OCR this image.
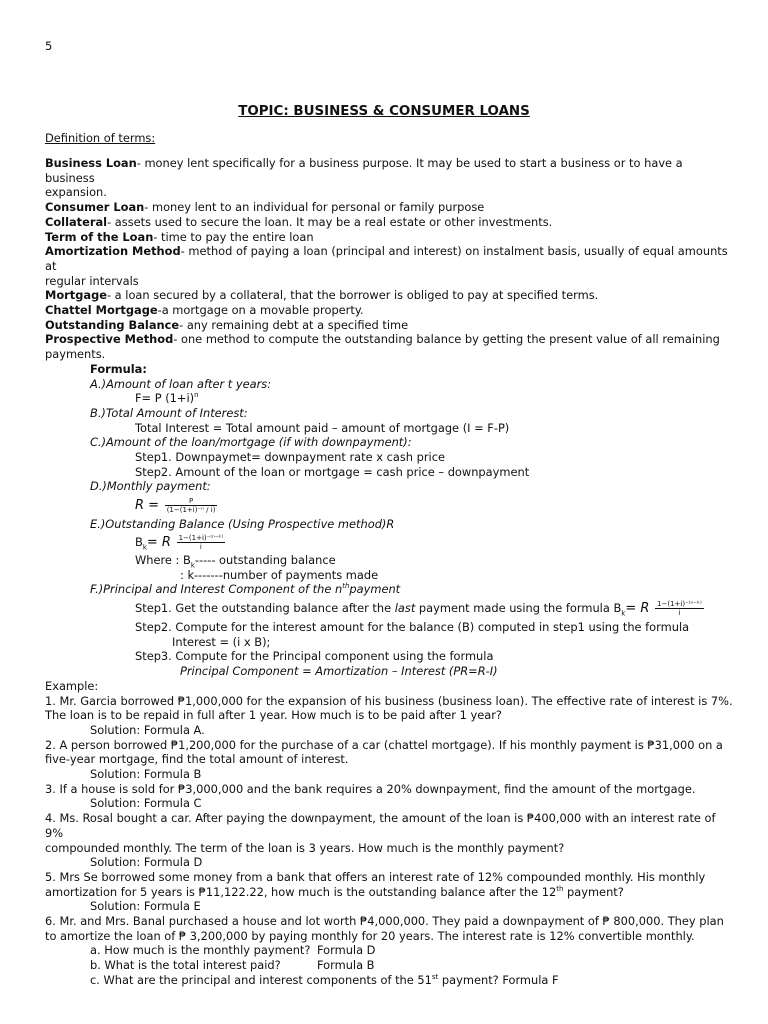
5
TOPIC: BUSINESS & CONSUMER LOANS
Definition of terms:

Business Loan- money lent specifically for a business purpose. It may be used to start a business or to have a business

expansion.

Consumer Loan- money lent to an individual for personal or family purpose

Collateral- assets used to secure the loan. It may be a real estate or other investments.

Term of the Loan- time to pay the entire loan

Amortization Method- method of paying a loan (principal and interest) on instalment basis, usually of equal amounts at

regular intervals

Mortgage- a loan secured by a collateral, that the borrower is obliged to pay at specified terms.

Chattel Mortgage-a mortgage on a movable property.

Outstanding Balance- any remaining debt at a specified time

Prospective Method- one method to compute the outstanding balance by getting the present value of all remaining

payments.

Formula:

A.)Amount of loan after t years:

F= P $(1+i)^n$

B.)Total Amount of Interest:

Total Interest = Total amount paid – amount of mortgage (I = F-P)

C.)Amount of the loan/mortgage (if with downpayment):

Step1. Downpaymet= downpayment rate x cash price

Step2. Amount of the loan or mortgage = cash price – downpayment

D.)Monthly payment:

$R = \frac{P}{\text{(1−(1+i)⁻ⁿ / i)}}$

E.)Outstanding Balance (Using Prospective method)R

$B_k= R \frac{\text{1−(1+i)⁻⁽ⁿ⁻ᵏ⁾}}{i}$

Where : $B_k-----$ outstanding balance

: k-------number of payments made

F.)Principal and Interest Component of the $n^{th}payment$

Step1. Get the outstanding balance after the last payment made using the formula $B_k= R \frac{\text{1−(1+i)⁻⁽ⁿ⁻ᵏ⁾}}{i}$

Step2. Compute for the interest amount for the balance (B) computed in step1 using the formula

Interest = (i x B);

Step3. Compute for the Principal component using the formula

Principal Component = Amortization – Interest (PR=R-I)

Example:

1. Mr. Garcia borrowed ₱1,000,000 for the expansion of his business (business loan). The effective rate of interest is 7%.

The loan is to be repaid in full after 1 year. How much is to be paid after 1 year?

Solution: Formula A.

2. A person borrowed ₱1,200,000 for the purchase of a car (chattel mortgage). If his monthly payment is ₱31,000 on a

five-year mortgage, find the total amount of interest.

Solution: Formula B

3. If a house is sold for ₱3,000,000 and the bank requires a 20% downpayment, find the amount of the mortgage.

Solution: Formula C

4. Ms. Rosal bought a car. After paying the downpayment, the amount of the loan is ₱400,000 with an interest rate of 9%

compounded monthly. The term of the loan is 3 years. How much is the monthly payment?

Solution: Formula D

5. Mrs Se borrowed some money from a bank that offers an interest rate of 12% compounded monthly. His monthly

amortization for 5 years is ₱11,122.22, how much is the outstanding balance after the 12th payment?

Solution: Formula E

6. Mr. and Mrs. Banal purchased a house and lot worth ₱4,000,000. They paid a downpayment of ₱ 800,000. They plan

to amortize the loan of ₱ 3,200,000 by paying monthly for 20 years. The interest rate is 12% convertible monthly.

a. How much is the monthly payment? Formula D

b. What is the total interest paid?	Formula B

c. What are the principal and interest components of the 51st payment? Formula F
